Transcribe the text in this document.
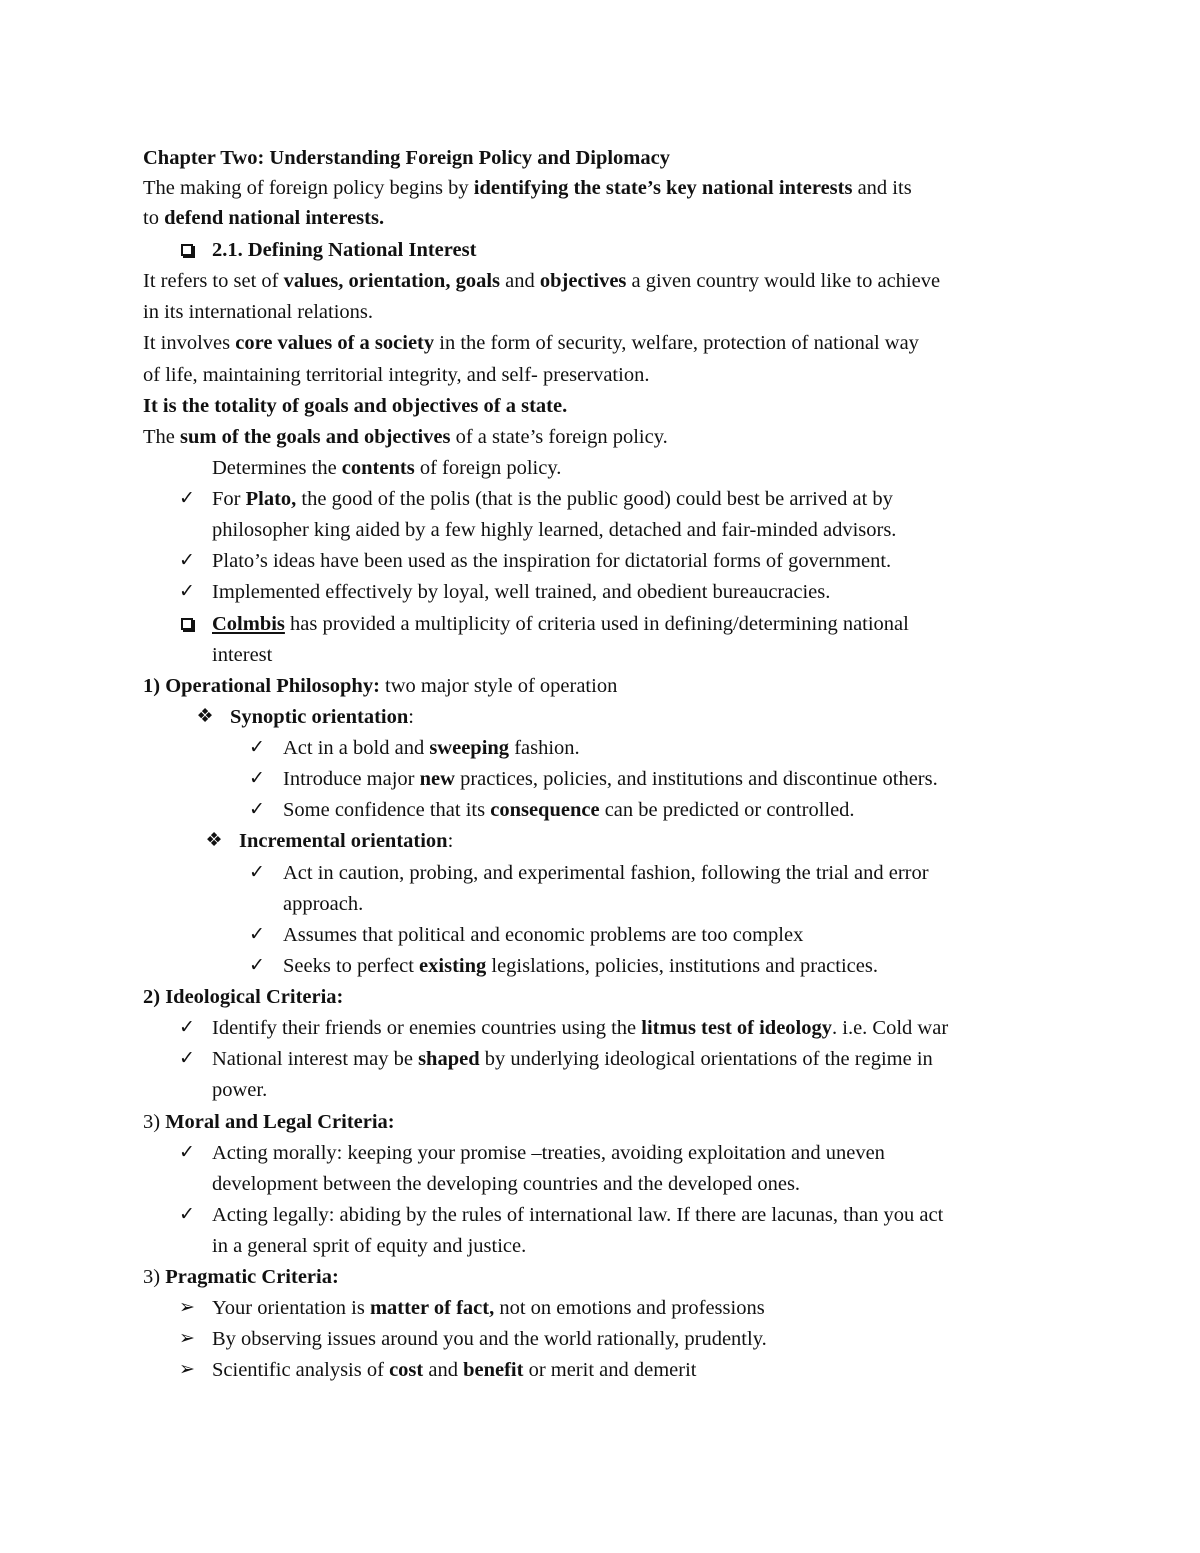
Chapter Two: Understanding Foreign Policy and Diplomacy
The making of foreign policy begins by identifying the state’s key national interests and its
to defend national interests.
2.1. Defining National Interest
It refers to set of values, orientation, goals and objectives a given country would like to achieve
in its international relations.
It involves core values of a society in the form of security, welfare, protection of national way
of life, maintaining territorial integrity, and self- preservation.
It is the totality of goals and objectives of a state.
The sum of the goals and objectives of a state’s foreign policy.
Determines the contents of foreign policy.
✓ For Plato, the good of the polis (that is the public good) could best be arrived at by
philosopher king aided by a few highly learned, detached and fair-minded advisors.
✓ Plato’s ideas have been used as the inspiration for dictatorial forms of government.
✓ Implemented effectively by loyal, well trained, and obedient bureaucracies.
Colmbis has provided a multiplicity of criteria used in defining/determining national
interest
1) Operational Philosophy: two major style of operation
❖ Synoptic orientation:
✓ Act in a bold and sweeping fashion.
✓ Introduce major new practices, policies, and institutions and discontinue others.
✓ Some confidence that its consequence can be predicted or controlled.
❖ Incremental orientation:
✓ Act in caution, probing, and experimental fashion, following the trial and error
approach.
✓ Assumes that political and economic problems are too complex
✓ Seeks to perfect existing legislations, policies, institutions and practices.
2) Ideological Criteria:
✓ Identify their friends or enemies countries using the litmus test of ideology. i.e. Cold war
✓ National interest may be shaped by underlying ideological orientations of the regime in
power.
3) Moral and Legal Criteria:
✓ Acting morally: keeping your promise –treaties, avoiding exploitation and uneven
development between the developing countries and the developed ones.
✓ Acting legally: abiding by the rules of international law. If there are lacunas, than you act
in a general sprit of equity and justice.
3) Pragmatic Criteria:
➢ Your orientation is matter of fact, not on emotions and professions
➢ By observing issues around you and the world rationally, prudently.
➢ Scientific analysis of cost and benefit or merit and demerit
